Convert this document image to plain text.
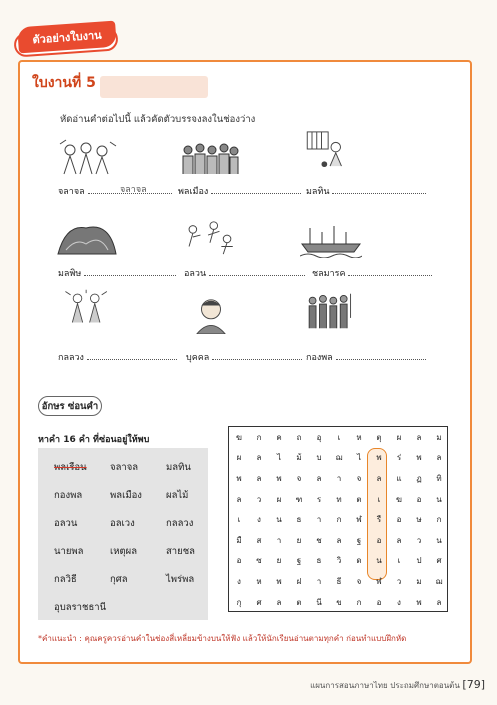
ตัวอย่างใบงาน
ใบงานที่ 5
หัดอ่านคำต่อไปนี้ แล้วคัดตัวบรรจงลงในช่องว่าง
จลาจล	จลาจล	พลเมือง	มลทิน
มลพิษ	อลวน	ชลมารค
กลลวง	บุคคล	กองพล
อักษร ซ่อนคำ
หาคำ 16 คำ ที่ซ่อนอยู่ให้พบ
พลเรือน จลาจล	มลทิน
กองพล	พลเมือง	ผลไม้
อลวน	อลเวง	กลลวง
นายพล	เหตุผล	สายชล
กลวิธี	กุศล	ไพร่พล
อุบลราชธานี
ฆ	ก	ค	ถ	อุ	เ	ห	ตุ	ผ	ล	ม
ผ	ล	ไ	ม้	บ	ฌ	ไ	พ	ร่	พ	ล
พ	ล	พ	จ	ล	า	จ	ล	แ	ฏ	ทิ
ล	ว	ผ	ฑ	ร	ท	ต	เ	ฆ	อ	น
เ	ง	น	ธ	า	ก	ฬ	รื	อ	ษ	ก
มื	ส	า	ย	ช	ล	ฐ	อ	ล	ว	น
อ	ซ	ย	ฐ	ธ	วิ	ด	น	เ	ป	ศ
ง	ห	พ	ฝ	า	ธี	จ	ฬ	ว	ม	ฌ
กุ	ศ	ล	ต	นี	ข	ก	อ	ง	พ	ล
*คำแนะนำ : คุณครูควรอ่านคำในช่องสี่เหลี่ยมข้างบนให้ฟัง แล้วให้นักเรียนอ่านตามทุกคำ ก่อนทำแบบฝึกหัด
แผนการสอนภาษาไทย ประถมศึกษาตอนต้น [79]
